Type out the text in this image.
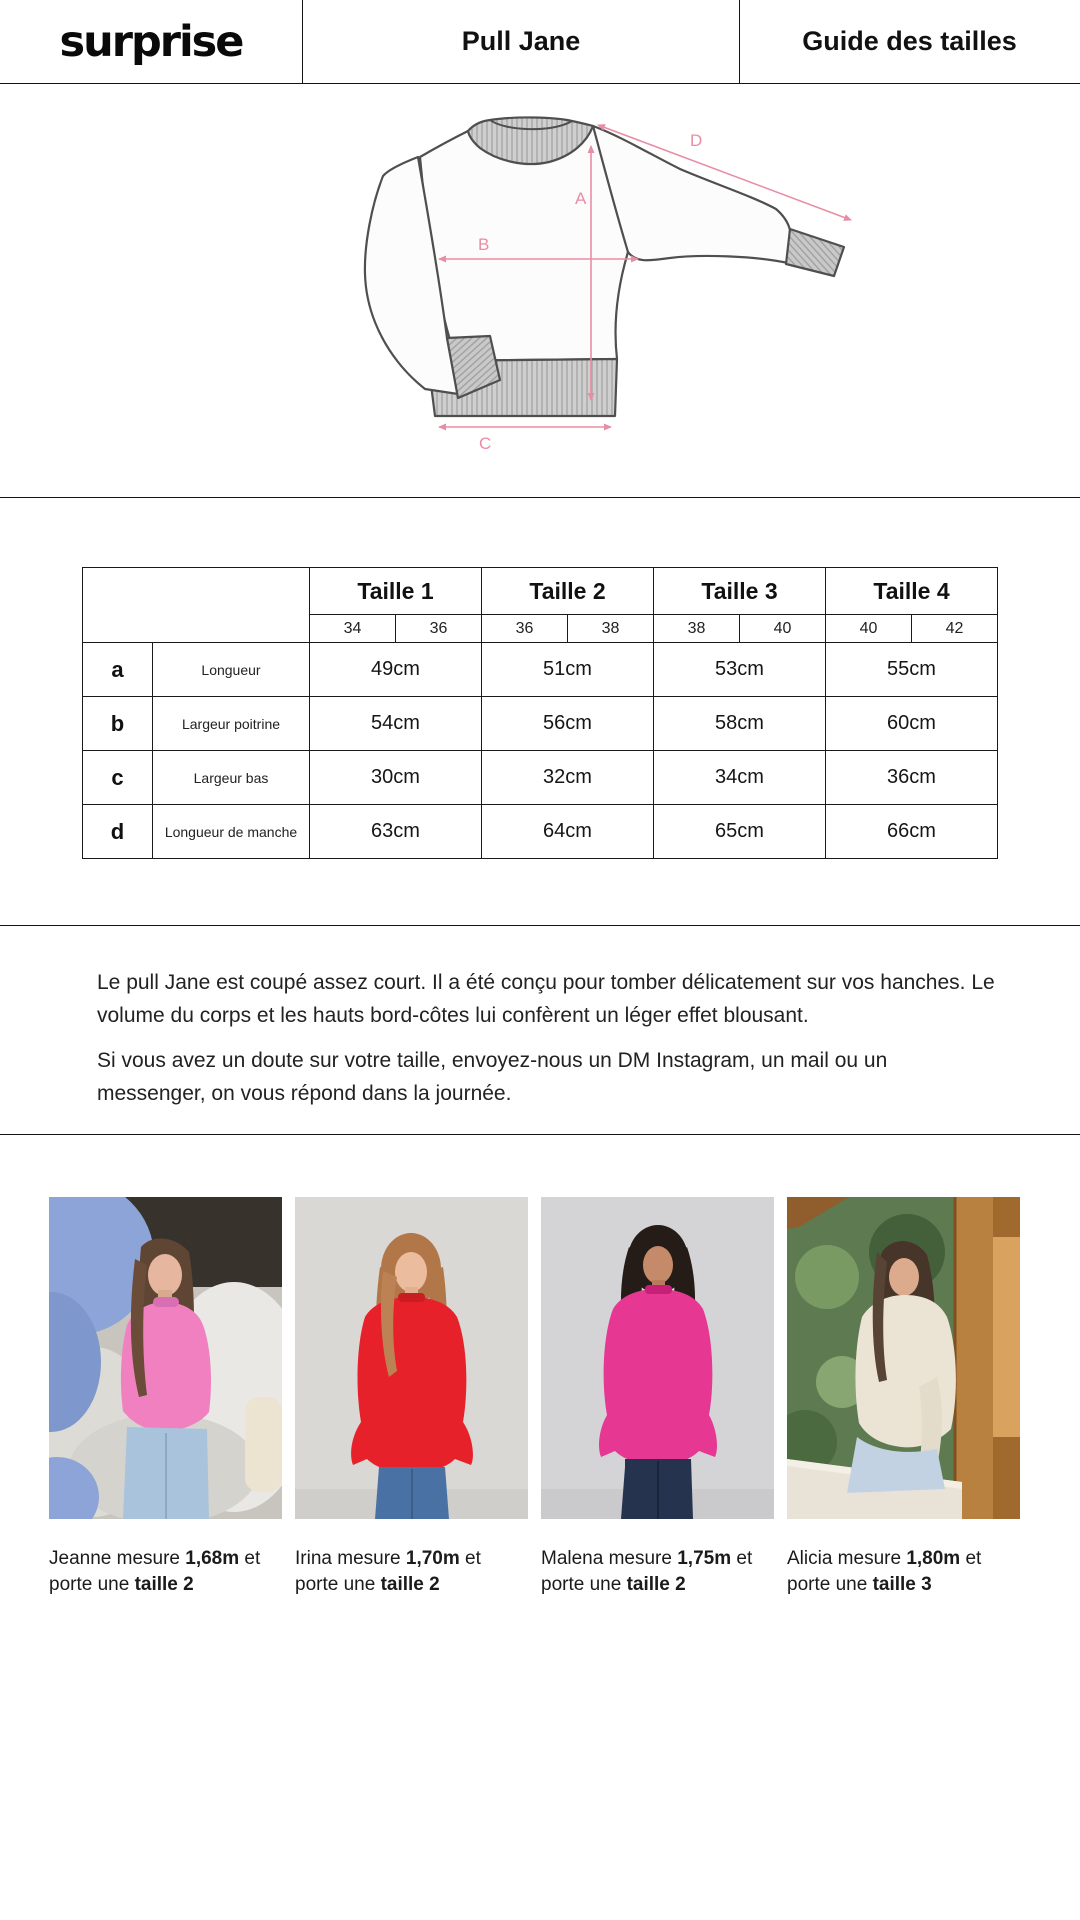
surprise	Pull Jane	Guide des tailles
A
B
C
D
		Taille 1		Taille 2		Taille 3		Taille 4	
		34	36	36	38	38	40	40	42
a	Longueur	49cm		51cm		53cm		55cm	
b	Largeur poitrine	54cm		56cm		58cm		60cm	
c	Largeur bas	30cm		32cm		34cm		36cm	
d	Longueur de manche	63cm		64cm		65cm		66cm	

Le pull Jane est coupé assez court. Il a été conçu pour tomber délicatement sur vos hanches. Le volume du corps et les hauts bord-côtes lui confèrent un léger effet blousant.

Si vous avez un doute sur votre taille, envoyez-nous un DM Instagram, un mail ou un messenger, on vous répond dans la journée.

Jeanne mesure 1,68m et
porte une taille 2

Irina mesure 1,70m et
porte une taille 2

Malena mesure 1,75m et
porte une taille 2

Alicia mesure 1,80m et
porte une taille 3
